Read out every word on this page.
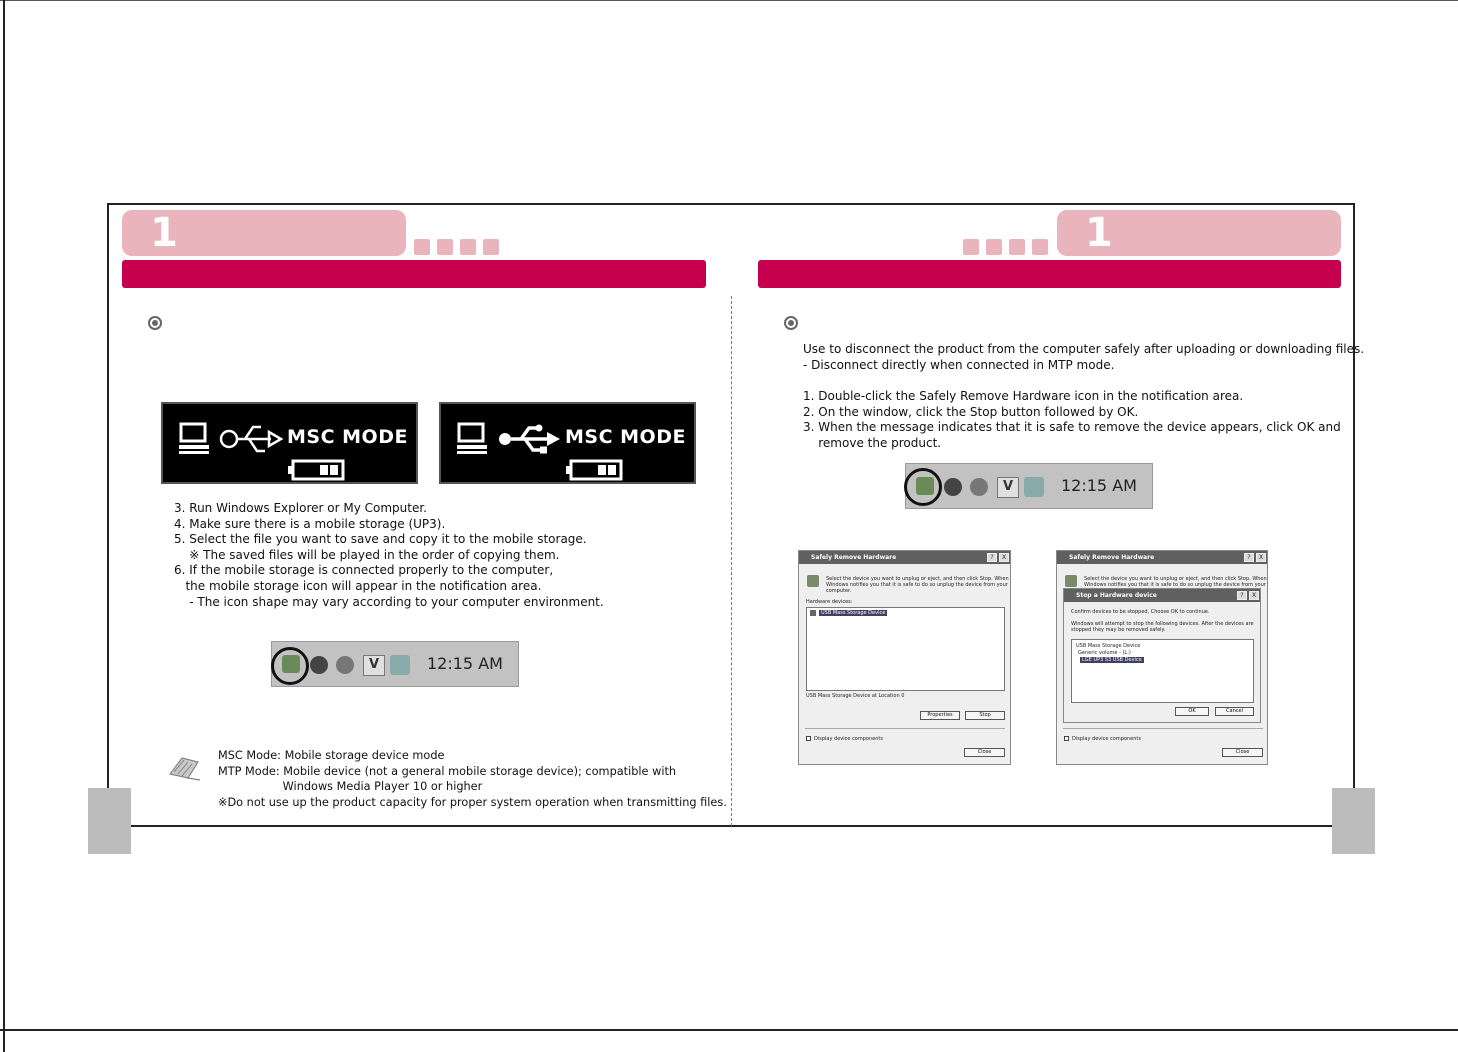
1	1
MSC MODE	MSC MODE
3. Run Windows Explorer or My Computer.
4. Make sure there is a mobile storage (UP3).
5. Select the file you want to save and copy it to the mobile storage.
※ The saved files will be played in the order of copying them.
6. If the mobile storage is connected properly to the computer,
the mobile storage icon will appear in the notification area.
- The icon shape may vary according to your computer environment.
V	12:15 AM
MSC Mode: Mobile storage device mode
MTP Mode: Mobile device (not a general mobile storage device); compatible with
Windows Media Player 10 or higher
※Do not use up the product capacity for proper system operation when transmitting files.
Use to disconnect the product from the computer safely after uploading or downloading files.
- Disconnect directly when connected in MTP mode.
1. Double-click the Safely Remove Hardware icon in the notification area.
2. On the window, click the Stop button followed by OK.
3. When the message indicates that it is safe to remove the device appears, click OK and
remove the product.
V	12:15 AM
Safely Remove Hardware	?	X
Select the device you want to unplug or eject, and then click Stop. When
Windows notifies you that it is safe to do so unplug the device from your
computer.
Hardware devices:
USB Mass Storage Device
USB Mass Storage Device at Location 0
Properties	Stop
Display device components
Close
Safely Remove Hardware	?	X
Select the device you want to unplug or eject, and then click Stop. When
Windows notifies you that it is safe to do so unplug the device from your
Display device components
Close
Stop a Hardware device	?	X
Confirm devices to be stopped, Choose OK to continue.
Windows will attempt to stop the following devices. After the devices are
stopped they may be removed safely.
USB Mass Storage Device
Generic volume - (L:)
LGE UP3 S3 USB Device
OK	Cancel
